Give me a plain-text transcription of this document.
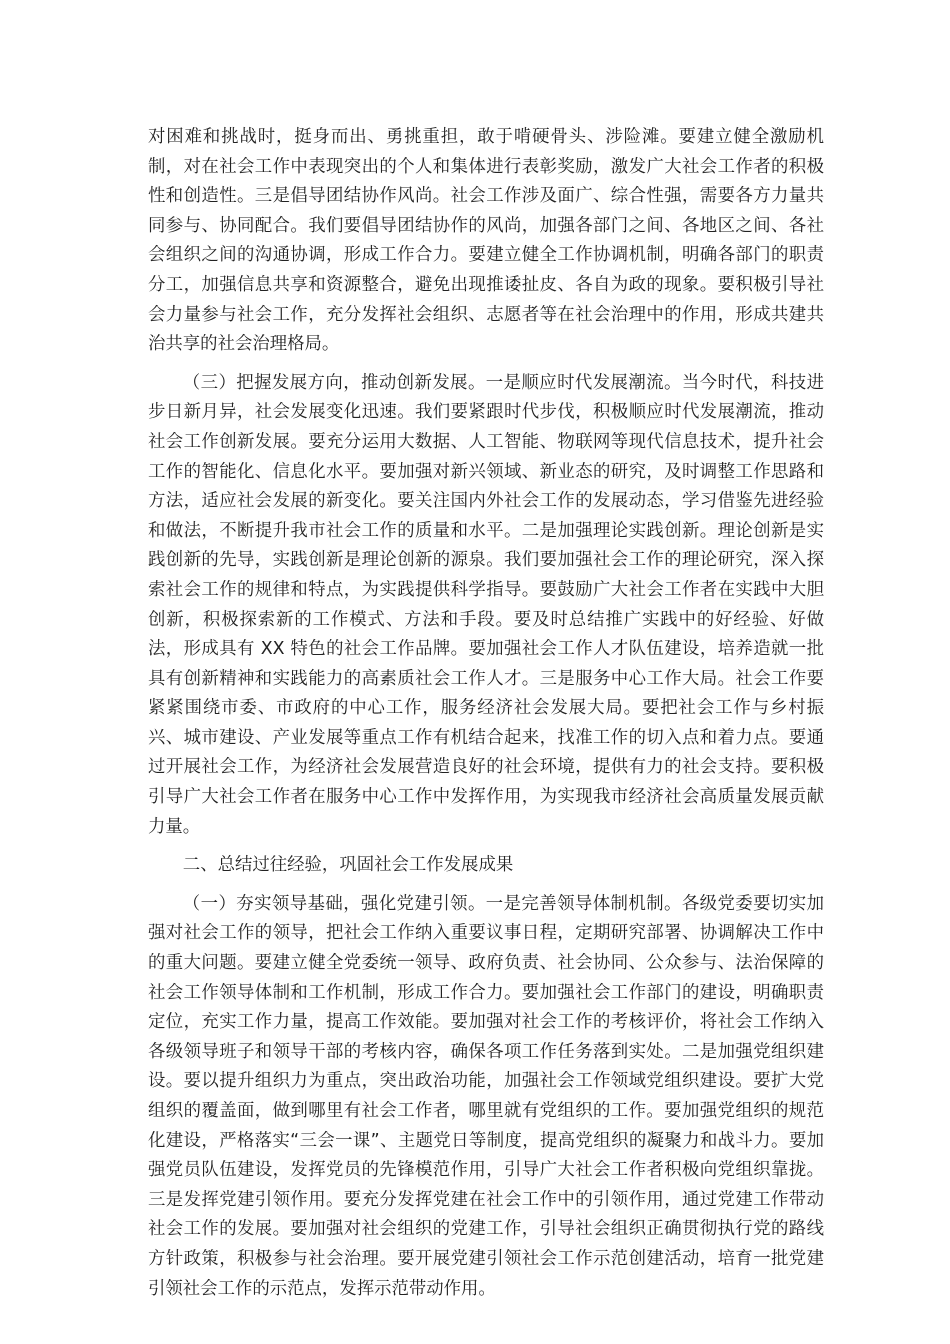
对困难和挑战时，挺身而出、勇挑重担，敢于啃硬骨头、涉险滩。要建立健全激励机制，对在社会工作中表现突出的个人和集体进行表彰奖励，激发广大社会工作者的积极性和创造性。三是倡导团结协作风尚。社会工作涉及面广、综合性强，需要各方力量共同参与、协同配合。我们要倡导团结协作的风尚，加强各部门之间、各地区之间、各社会组织之间的沟通协调，形成工作合力。要建立健全工作协调机制，明确各部门的职责分工，加强信息共享和资源整合，避免出现推诿扯皮、各自为政的现象。要积极引导社会力量参与社会工作，充分发挥社会组织、志愿者等在社会治理中的作用，形成共建共治共享的社会治理格局。

（三）把握发展方向，推动创新发展。一是顺应时代发展潮流。当今时代，科技进步日新月异，社会发展变化迅速。我们要紧跟时代步伐，积极顺应时代发展潮流，推动社会工作创新发展。要充分运用大数据、人工智能、物联网等现代信息技术，提升社会工作的智能化、信息化水平。要加强对新兴领域、新业态的研究，及时调整工作思路和方法，适应社会发展的新变化。要关注国内外社会工作的发展动态，学习借鉴先进经验和做法，不断提升我市社会工作的质量和水平。二是加强理论实践创新。理论创新是实践创新的先导，实践创新是理论创新的源泉。我们要加强社会工作的理论研究，深入探索社会工作的规律和特点，为实践提供科学指导。要鼓励广大社会工作者在实践中大胆创新，积极探索新的工作模式、方法和手段。要及时总结推广实践中的好经验、好做法，形成具有 XX 特色的社会工作品牌。要加强社会工作人才队伍建设，培养造就一批具有创新精神和实践能力的高素质社会工作人才。三是服务中心工作大局。社会工作要紧紧围绕市委、市政府的中心工作，服务经济社会发展大局。要把社会工作与乡村振兴、城市建设、产业发展等重点工作有机结合起来，找准工作的切入点和着力点。要通过开展社会工作，为经济社会发展营造良好的社会环境，提供有力的社会支持。要积极引导广大社会工作者在服务中心工作中发挥作用，为实现我市经济社会高质量发展贡献力量。

二、总结过往经验，巩固社会工作发展成果

（一）夯实领导基础，强化党建引领。一是完善领导体制机制。各级党委要切实加强对社会工作的领导，把社会工作纳入重要议事日程，定期研究部署、协调解决工作中的重大问题。要建立健全党委统一领导、政府负责、社会协同、公众参与、法治保障的社会工作领导体制和工作机制，形成工作合力。要加强社会工作部门的建设，明确职责定位，充实工作力量，提高工作效能。要加强对社会工作的考核评价，将社会工作纳入各级领导班子和领导干部的考核内容，确保各项工作任务落到实处。二是加强党组织建设。要以提升组织力为重点，突出政治功能，加强社会工作领域党组织建设。要扩大党组织的覆盖面，做到哪里有社会工作者，哪里就有党组织的工作。要加强党组织的规范化建设，严格落实“三会一课”、主题党日等制度，提高党组织的凝聚力和战斗力。要加强党员队伍建设，发挥党员的先锋模范作用，引导广大社会工作者积极向党组织靠拢。三是发挥党建引领作用。要充分发挥党建在社会工作中的引领作用，通过党建工作带动社会工作的发展。要加强对社会组织的党建工作，引导社会组织正确贯彻执行党的路线方针政策，积极参与社会治理。要开展党建引领社会工作示范创建活动，培育一批党建引领社会工作的示范点，发挥示范带动作用。
